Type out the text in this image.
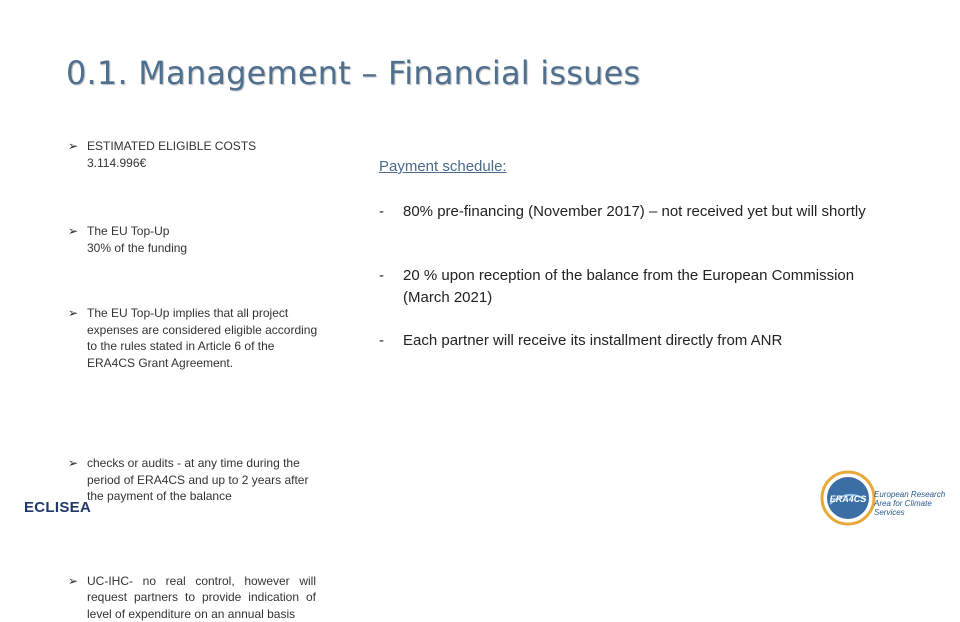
0.1. Management – Financial issues
➢ ESTIMATED ELIGIBLE COSTS
3.114.996€
➢ The EU Top-Up
30% of the funding
➢ The EU Top-Up implies that all project expenses are considered eligible according to the rules stated in Article 6 of the ERA4CS Grant Agreement.
➢ checks or audits - at any time during the period of ERA4CS and up to 2 years after the payment of the balance
➢ UC-IHC- no real control, however will request partners to provide indication of level of expenditure on an annual basis
Payment schedule:
- 80% pre-financing (November 2017) – not received yet but will shortly
- 20 % upon reception of the balance from the European Commission (March 2021)
- Each partner will receive its installment directly from ANR
ECLISEA	ERA4CS European Research Area for Climate Services
